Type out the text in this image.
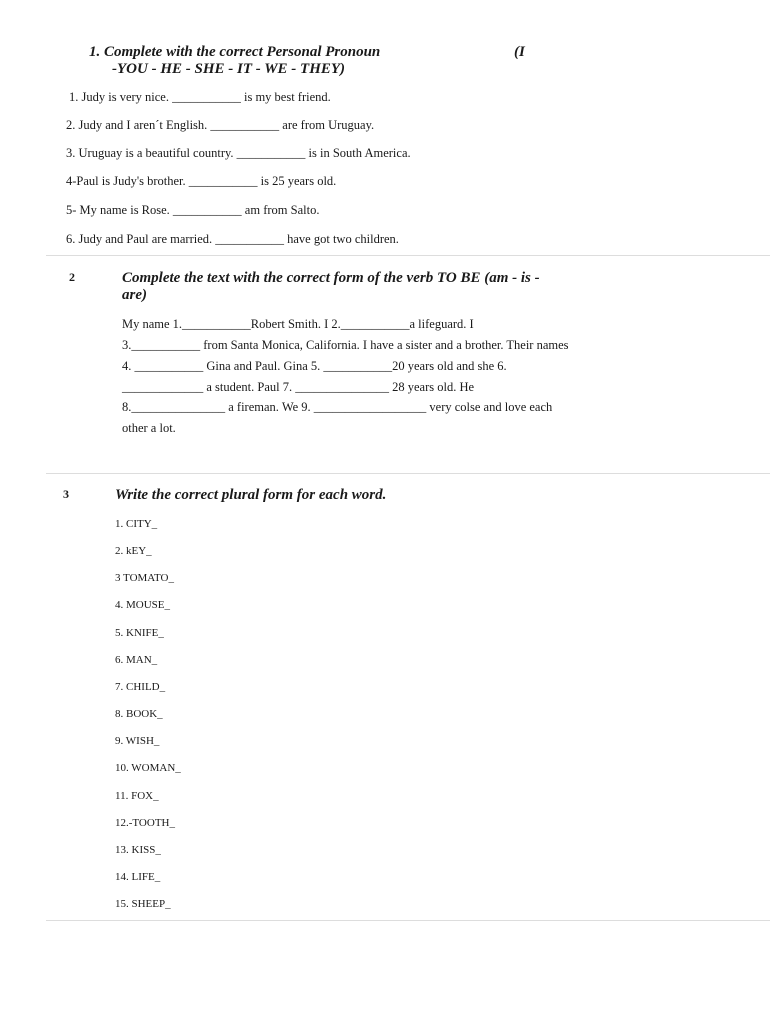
1. Complete with the correct Personal Pronoun	(I
-YOU - HE - SHE - IT - WE - THEY)
1. Judy is very nice. ___________ is my best friend.
2. Judy and I aren´t English. ___________ are from Uruguay.
3. Uruguay is a beautiful country. ___________ is in South America.
4-Paul is Judy's brother. ___________ is 25 years old.
5- My name is Rose. ___________ am from Salto.
6. Judy and Paul are married. ___________ have got two children.
2	Complete the text with the correct form of the verb TO BE (am - is -
are)
My name 1.___________Robert Smith. I 2.___________a lifeguard. I
3.___________ from Santa Monica, California. I have a sister and a brother. Their names
4. ___________ Gina and Paul. Gina 5. ___________20 years old and she 6.
_____________ a student. Paul 7. _______________ 28 years old. He
8._______________ a fireman. We 9. __________________ very colse and love each
other a lot.
3	Write the correct plural form for each word.
1. CITY_
2. kEY_
3 TOMATO_
4. MOUSE_
5. KNIFE_
6. MAN_
7. CHILD_
8. BOOK_
9. WISH_
10. WOMAN_
11. FOX_
12.-TOOTH_
13. KISS_
14. LIFE_
15. SHEEP_
